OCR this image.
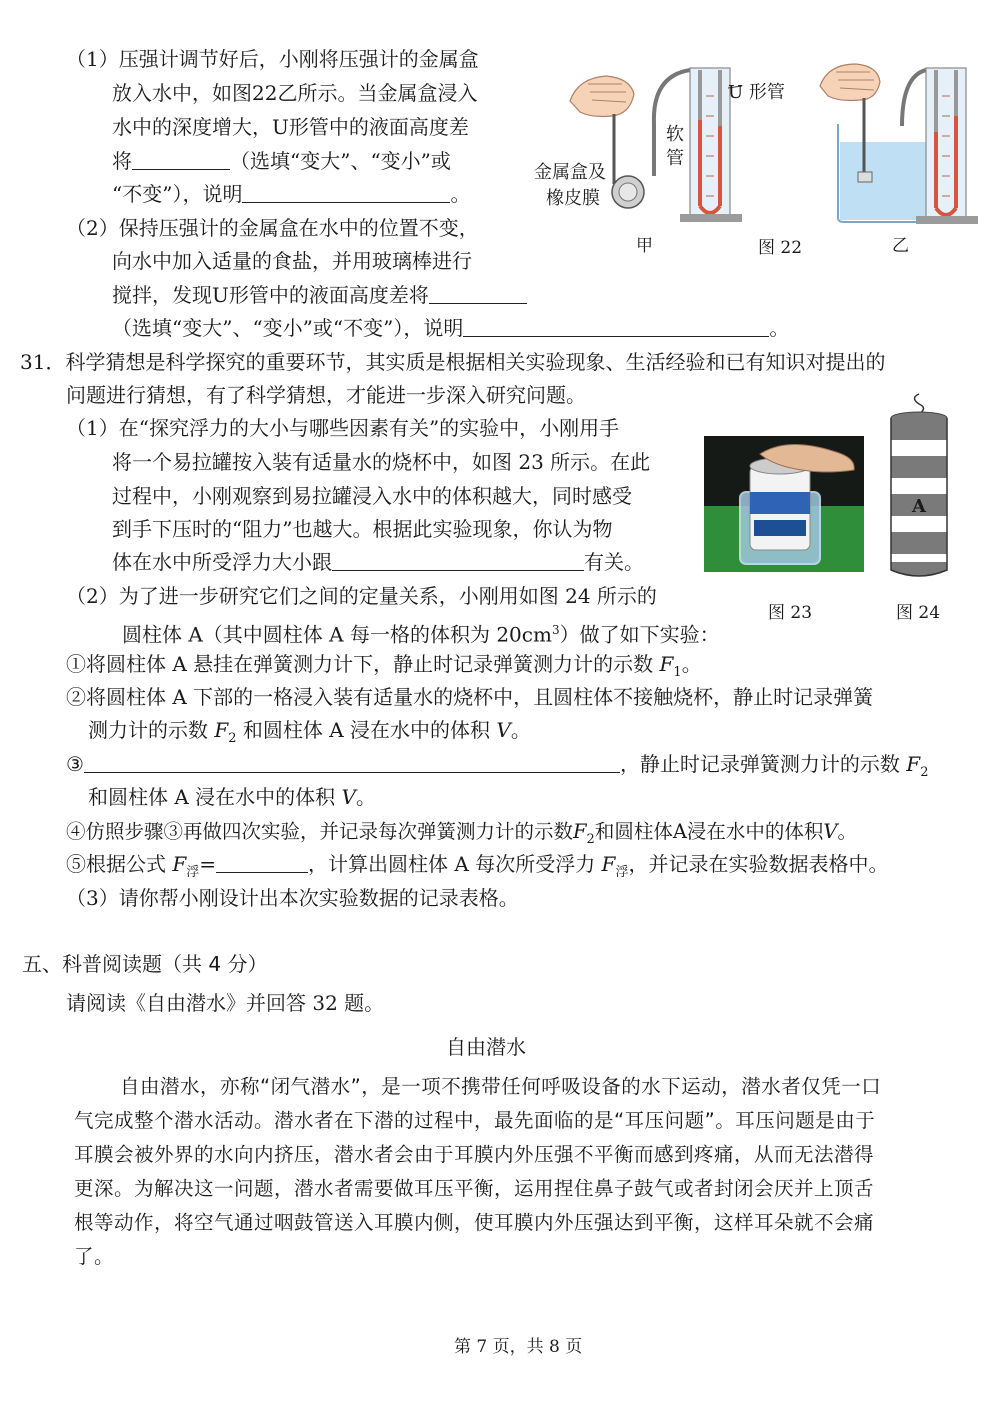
（1）压强计调节好后，小刚将压强计的金属盒
放入水中，如图22乙所示。当金属盒浸入
水中的深度增大，U形管中的液面高度差
将	（选填“变大”、“变小”或
“不变”），说明	。
（2）保持压强计的金属盒在水中的位置不变，
向水中加入适量的食盐，并用玻璃棒进行
搅拌，发现U形管中的液面高度差将
（选填“变大”、“变小”或“不变”），说明	。
U 形管
软
管
金属盒及
橡皮膜
甲	图 22	乙
31．科学猜想是科学探究的重要环节，其实质是根据相关实验现象、生活经验和已有知识对提出的
问题进行猜想，有了科学猜想，才能进一步深入研究问题。
（1）在“探究浮力的大小与哪些因素有关”的实验中，小刚用手
将一个易拉罐按入装有适量水的烧杯中，如图 23 所示。在此
过程中，小刚观察到易拉罐浸入水中的体积越大，同时感受
到手下压时的“阻力”也越大。根据此实验现象，你认为物
体在水中所受浮力大小跟	有关。
A
图 23	图 24
（2）为了进一步研究它们之间的定量关系，小刚用如图 24 所示的
圆柱体 A（其中圆柱体 A 每一格的体积为 $20cm^3$）做了如下实验：
①将圆柱体 A 悬挂在弹簧测力计下，静止时记录弹簧测力计的示数 $F_1$。
②将圆柱体 A 下部的一格浸入装有适量水的烧杯中，且圆柱体不接触烧杯，静止时记录弹簧
测力计的示数 $F_2$ 和圆柱体 A 浸在水中的体积 V。
③	，静止时记录弹簧测力计的示数 $F_2$
和圆柱体 A 浸在水中的体积 V。
④仿照步骤③再做四次实验，并记录每次弹簧测力计的示数$F_2$和圆柱体A浸在水中的体积V。
⑤根据公式 $F_浮=$	，计算出圆柱体 A 每次所受浮力 $F_浮$，并记录在实验数据表格中。
（3）请你帮小刚设计出本次实验数据的记录表格。
五、科普阅读题（共 4 分）
请阅读《自由潜水》并回答 32 题。
自由潜水
自由潜水，亦称“闭气潜水”，是一项不携带任何呼吸设备的水下运动，潜水者仅凭一口
气完成整个潜水活动。潜水者在下潜的过程中，最先面临的是“耳压问题”。耳压问题是由于
耳膜会被外界的水向内挤压，潜水者会由于耳膜内外压强不平衡而感到疼痛，从而无法潜得
更深。为解决这一问题，潜水者需要做耳压平衡，运用捏住鼻子鼓气或者封闭会厌并上顶舌
根等动作，将空气通过咽鼓管送入耳膜内侧，使耳膜内外压强达到平衡，这样耳朵就不会痛
了。
第 7 页，共 8 页
